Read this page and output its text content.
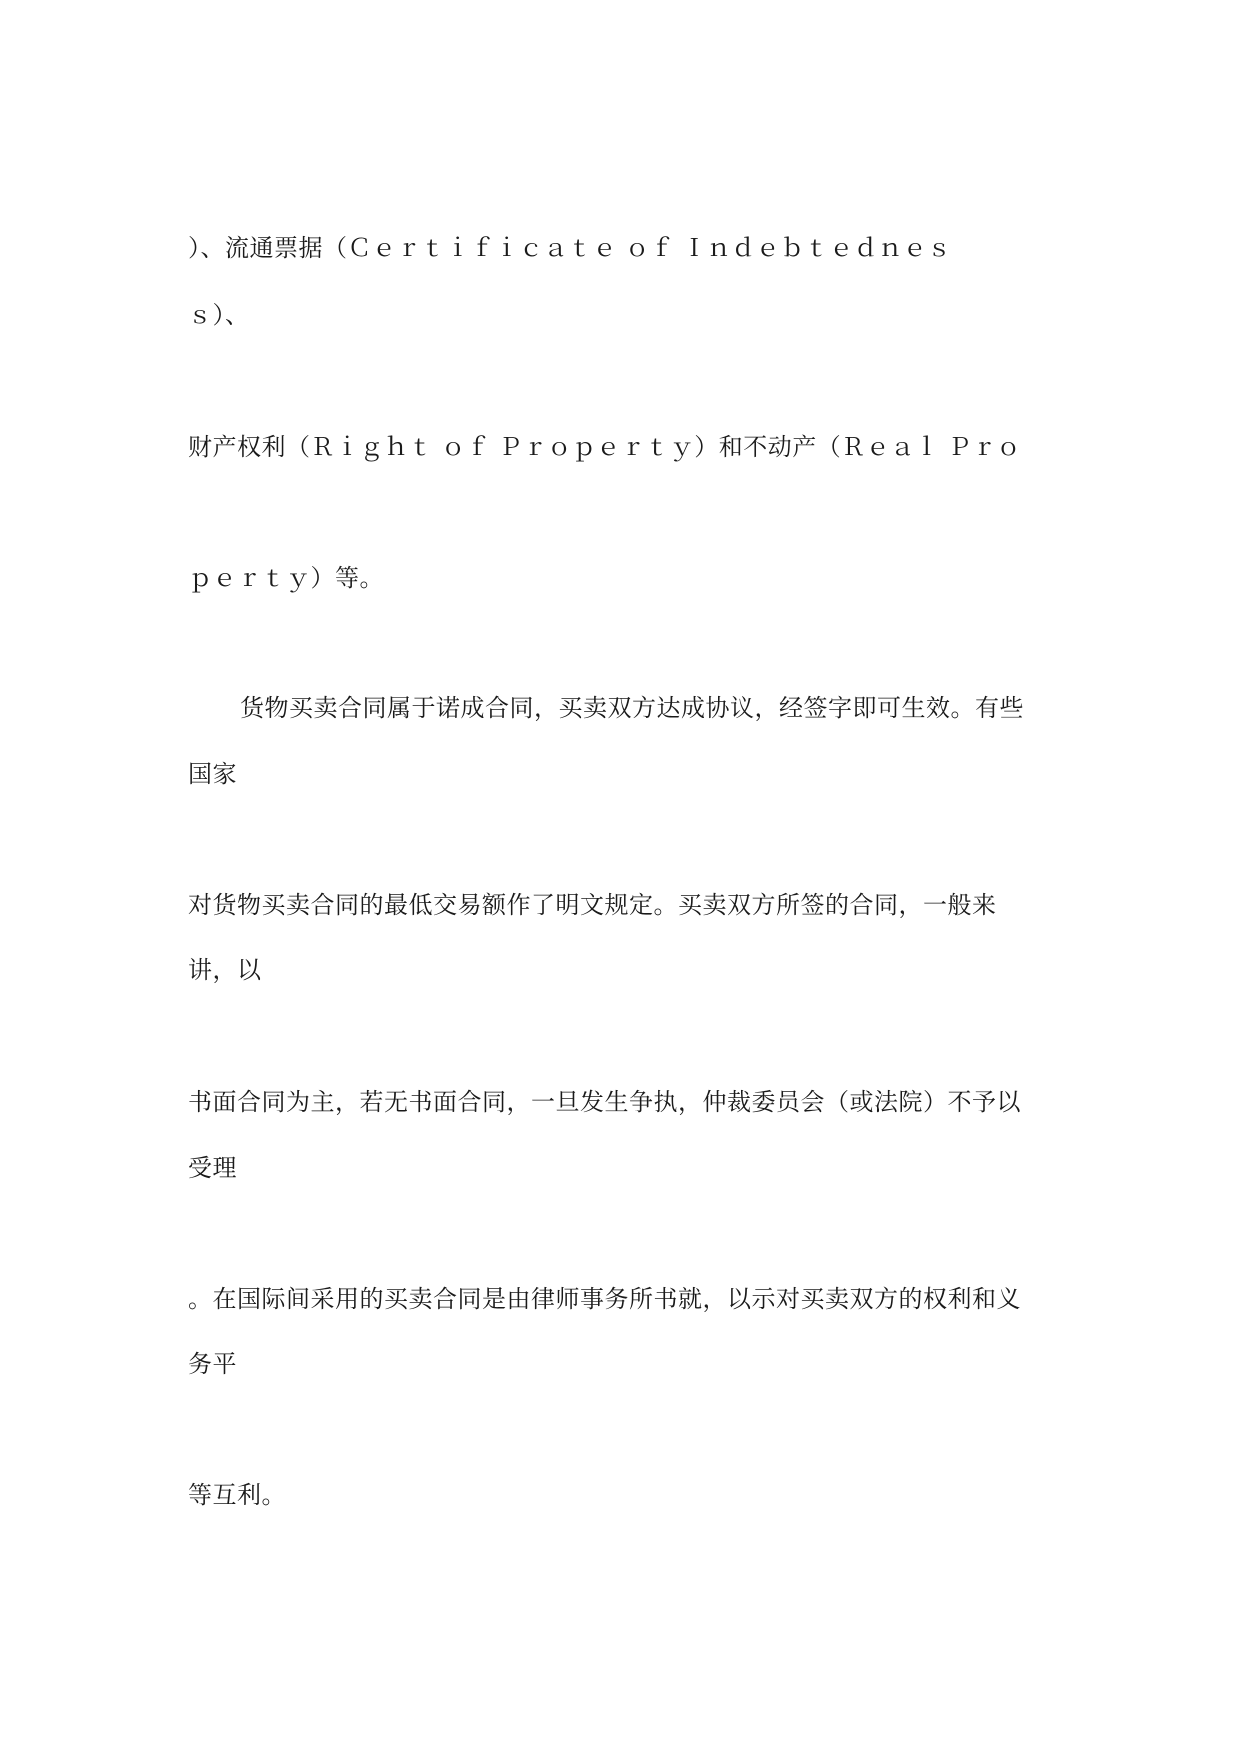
）、流通票据（Ｃｅｒｔｉｆｉｃａｔｅ ｏｆ Ｉｎｄｅｂｔｅｄｎｅｓ
ｓ）、
财产权利（Ｒｉｇｈｔ ｏｆ Ｐｒｏｐｅｒｔｙ）和不动产（Ｒｅａｌ Ｐｒｏ
ｐｅｒｔｙ）等。
货物买卖合同属于诺成合同，买卖双方达成协议，经签字即可生效。有些
国家
对货物买卖合同的最低交易额作了明文规定。买卖双方所签的合同，一般来
讲，以
书面合同为主，若无书面合同，一旦发生争执，仲裁委员会（或法院）不予以
受理
。在国际间采用的买卖合同是由律师事务所书就，以示对买卖双方的权利和义
务平
等互利。
